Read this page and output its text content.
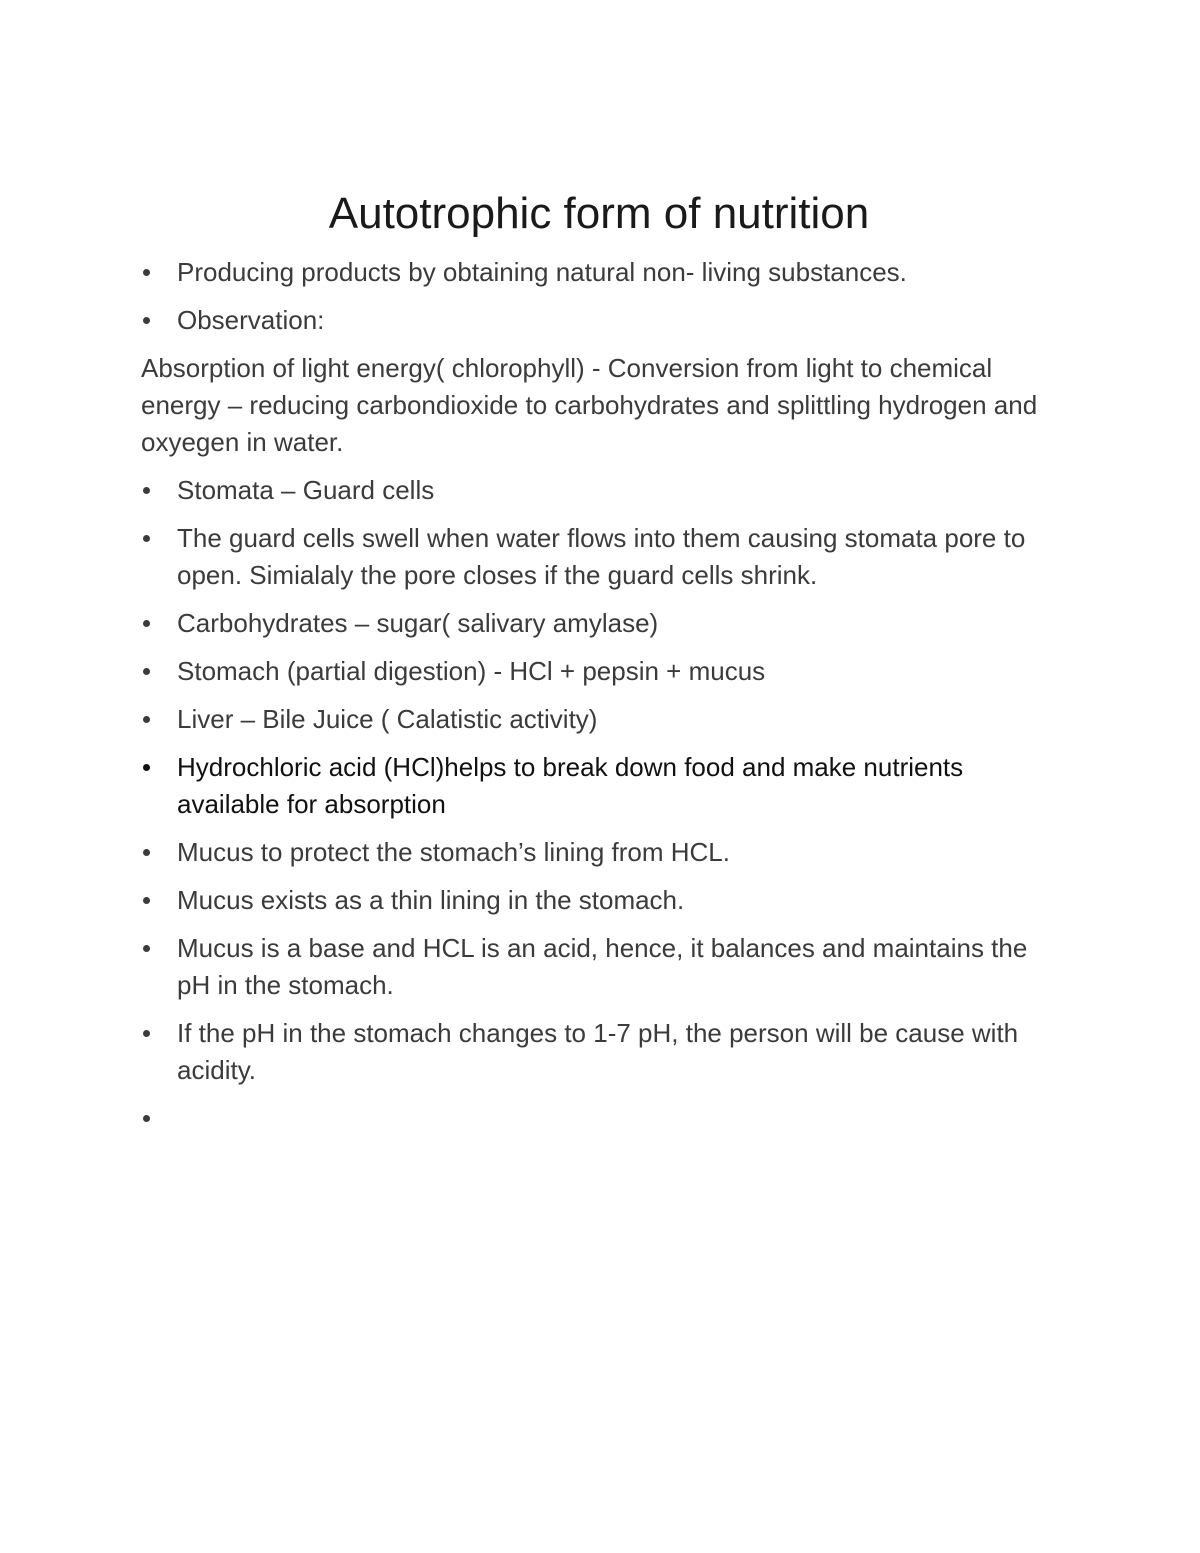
Autotrophic form of nutrition
Producing products by obtaining natural non- living substances.
Observation:

Absorption of light energy( chlorophyll) - Conversion from light to chemical energy – reducing carbondioxide to carbohydrates and splittling hydrogen and oxyegen in water.

Stomata – Guard cells
The guard cells swell when water flows into them causing stomata pore to open. Simialaly the pore closes if the guard cells shrink.
Carbohydrates – sugar( salivary amylase)
Stomach (partial digestion) - HCl + pepsin + mucus
Liver – Bile Juice ( Calatistic activity)
Hydrochloric acid (HCl)helps to break down food and make nutrients available for absorption
Mucus to protect the stomach’s lining from HCL.
Mucus exists as a thin lining in the stomach.
Mucus is a base and HCL is an acid, hence, it balances and maintains the pH in the stomach.
If the pH in the stomach changes to 1-7 pH, the person will be cause with acidity.
